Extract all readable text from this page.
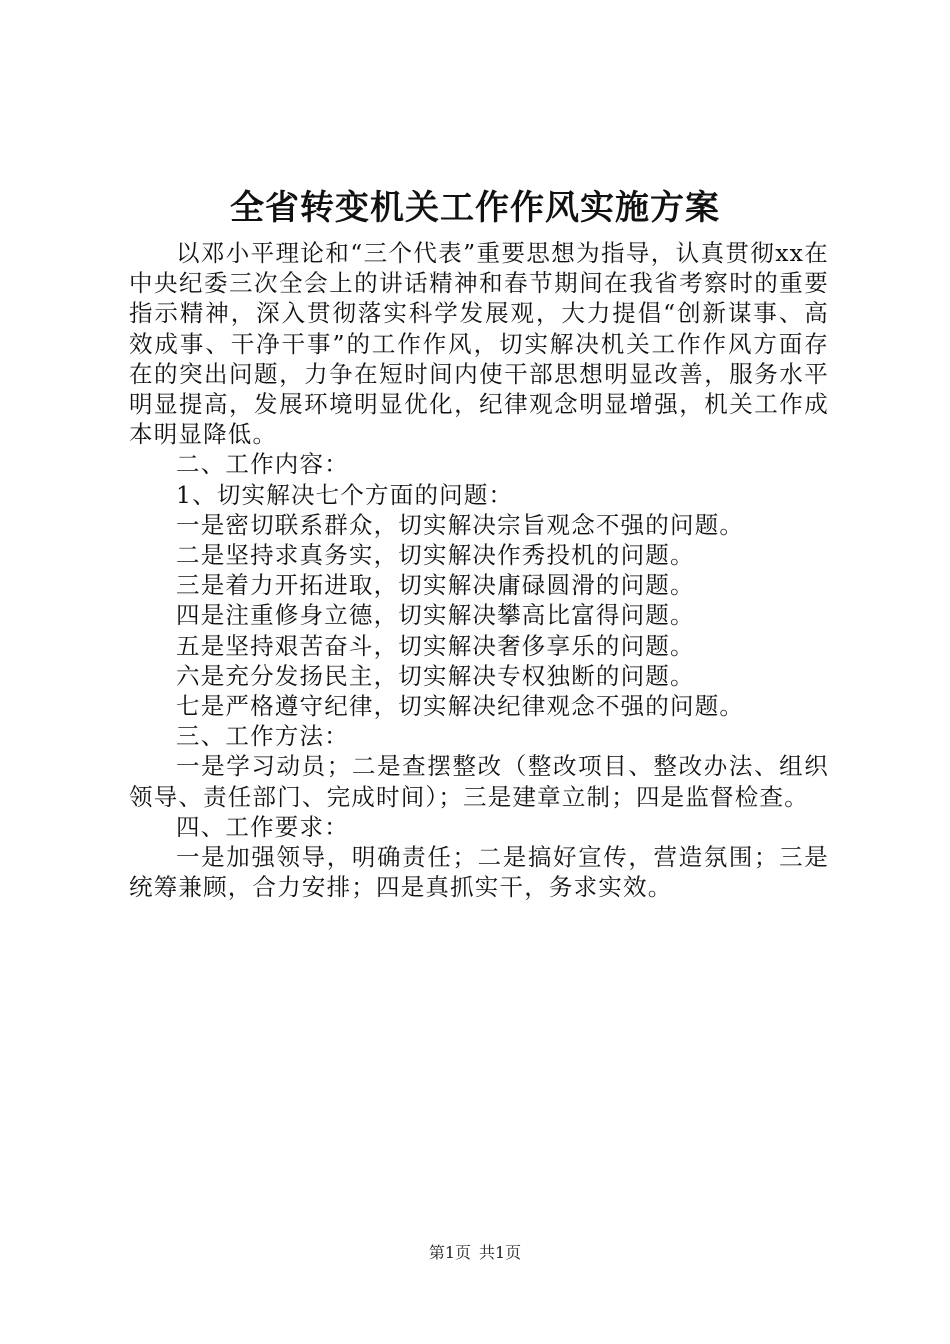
全省转变机关工作作风实施方案

以邓小平理论和“三个代表”重要思想为指导，认真贯彻xx在中央纪委三次全会上的讲话精神和春节期间在我省考察时的重要指示精神，深入贯彻落实科学发展观，大力提倡“创新谋事、高效成事、干净干事”的工作作风，切实解决机关工作作风方面存在的突出问题，力争在短时间内使干部思想明显改善，服务水平明显提高，发展环境明显优化，纪律观念明显增强，机关工作成本明显降低。

二、工作内容：

1、切实解决七个方面的问题：

一是密切联系群众，切实解决宗旨观念不强的问题。

二是坚持求真务实，切实解决作秀投机的问题。

三是着力开拓进取，切实解决庸碌圆滑的问题。

四是注重修身立德，切实解决攀高比富得问题。

五是坚持艰苦奋斗，切实解决奢侈享乐的问题。

六是充分发扬民主，切实解决专权独断的问题。

七是严格遵守纪律，切实解决纪律观念不强的问题。

三、工作方法：

一是学习动员；二是查摆整改（整改项目、整改办法、组织领导、责任部门、完成时间）；三是建章立制；四是监督检查。

四、工作要求：

一是加强领导，明确责任；二是搞好宣传，营造氛围；三是统筹兼顾，合力安排；四是真抓实干，务求实效。

第1页 共1页
